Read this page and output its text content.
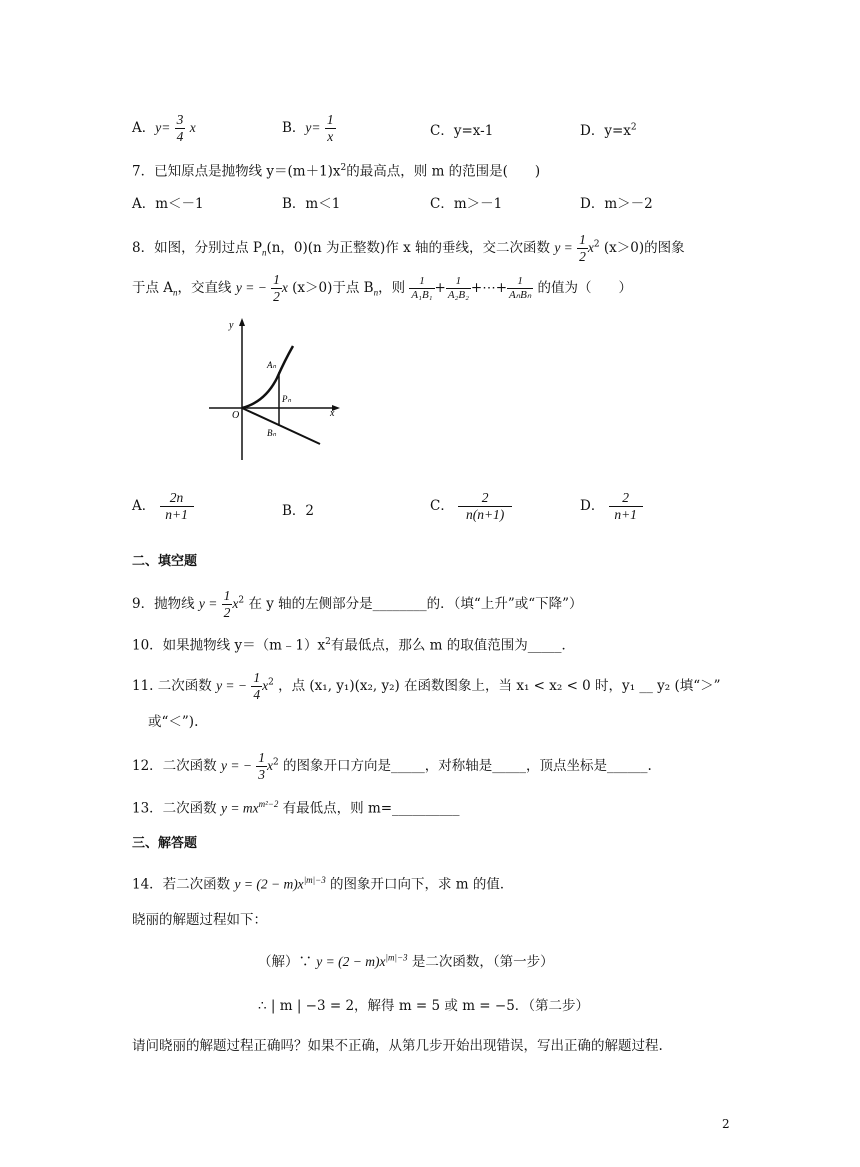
A．$y= \frac{3}{4}$ x	B．$y= \frac{1}{x}$	C．y=x-1	D．$y=x^2$
7．已知原点是抛物线 $y=(m+1)x^2$的最高点，则 m 的范围是(　　)
A．m＜－1	B．m＜1	C．m＞－1	D．m＞－2
8．如图，分别过点 $P_n(n$，0)(n 为正整数)作 x 轴的垂线，交二次函数 $y = \frac{1}{2} x^2$ (x＞0)的图象
于点 $A_n$，交直线 y = − $\frac{1}{2}$ x (x＞0)于点 $B_n$，则 $\frac{1}{\text{A₁B₁}} + \frac{1}{\text{A₂B₂}}$ +⋯+ $\frac{1}{\text{AₙBₙ}}$ 的值为（　　）
y
x
O
Aₙ
Pₙ
Bₙ
A． $\frac{2n}{n+1}$	B．2	C． $\frac{2}{n(n+1)}$	D． $\frac{2}{n+1}$
二、填空题
9．抛物线 $y = \frac{1}{2} x^2$ 在 y 轴的左侧部分是________的．（填“上升”或“下降”）
10．如果抛物线 $y=(m﹣1)x^2$有最低点，那么 m 的取值范围为_____．
11. 二次函数 y = − $\frac{1}{4} x^2$ ，点 (x₁, y₁)(x₂, y₂) 在函数图象上，当 x₁ < x₂ < 0 时，y₁ __ y₂ (填“＞”
或“＜”).
12．二次函数 y = − $\frac{1}{3} x^2$ 的图象开口方向是_____，对称轴是_____，顶点坐标是______.
13．二次函数 $y = mx^{m^2-2}$ 有最低点，则 m=__________
三、解答题
14．若二次函数 $y = (2 - m)x^{|m|-3}$ 的图象开口向下，求 m 的值．
晓丽的解题过程如下：
（解）∵ $y = (2 - m)x^{|m|-3}$ 是二次函数，（第一步）
∴ | m | −3 = 2，解得 m = 5 或 m = −5．（第二步）
请问晓丽的解题过程正确吗？如果不正确，从第几步开始出现错误，写出正确的解题过程.
2
